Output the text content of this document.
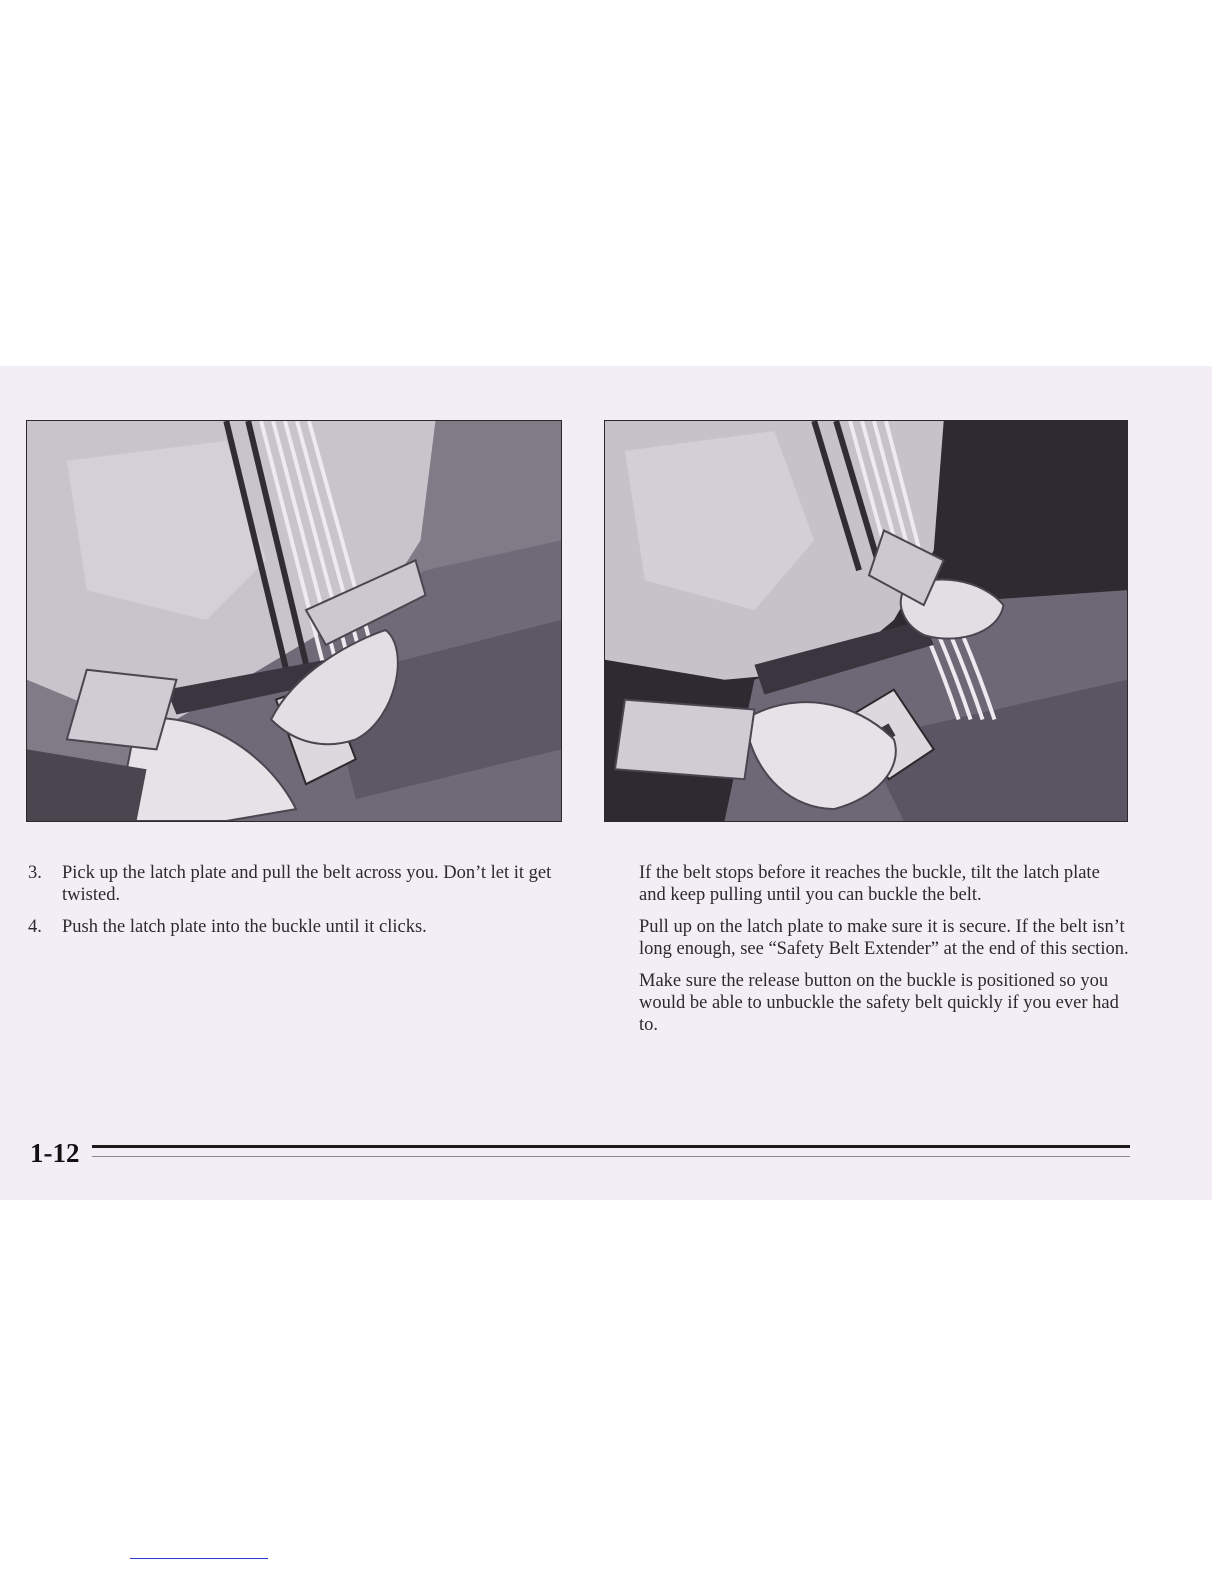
3.	Pick up the latch plate and pull the belt across you. Don’t let it get twisted.
4.	Push the latch plate into the buckle until it clicks.

If the belt stops before it reaches the buckle, tilt the latch plate and keep pulling until you can buckle the belt.

Pull up on the latch plate to make sure it is secure. If the belt isn’t long enough, see “Safety Belt Extender” at the end of this section.

Make sure the release button on the buckle is positioned so you would be able to unbuckle the safety belt quickly if you ever had to.

1-12
